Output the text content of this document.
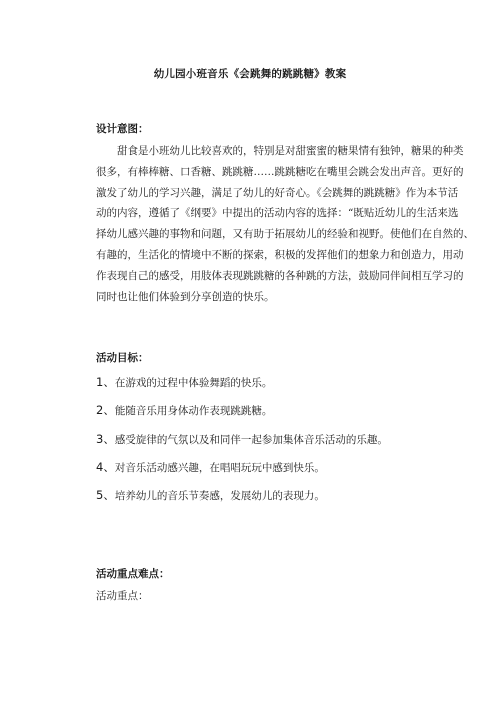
幼儿园小班音乐《会跳舞的跳跳糖》教案
设计意图：
甜食是小班幼儿比较喜欢的，特别是对甜蜜蜜的糖果情有独钟，糖果的种类
很多，有棒棒糖、口香糖、跳跳糖……跳跳糖吃在嘴里会跳会发出声音。更好的
激发了幼儿的学习兴趣，满足了幼儿的好奇心。《会跳舞的跳跳糖》作为本节活
动的内容，遵循了《纲要》中提出的活动内容的选择：“既贴近幼儿的生活来选
择幼儿感兴趣的事物和问题，又有助于拓展幼儿的经验和视野。使他们在自然的、
有趣的，生活化的情境中不断的探索，积极的发挥他们的想象力和创造力，用动
作表现自己的感受，用肢体表现跳跳糖的各种跳的方法，鼓励同伴间相互学习的
同时也让他们体验到分享创造的快乐。
活动目标：
1、在游戏的过程中体验舞蹈的快乐。
2、能随音乐用身体动作表现跳跳糖。
3、感受旋律的气氛以及和同伴一起参加集体音乐活动的乐趣。
4、对音乐活动感兴趣，在唱唱玩玩中感到快乐。
5、培养幼儿的音乐节奏感，发展幼儿的表现力。
活动重点难点：
活动重点：
